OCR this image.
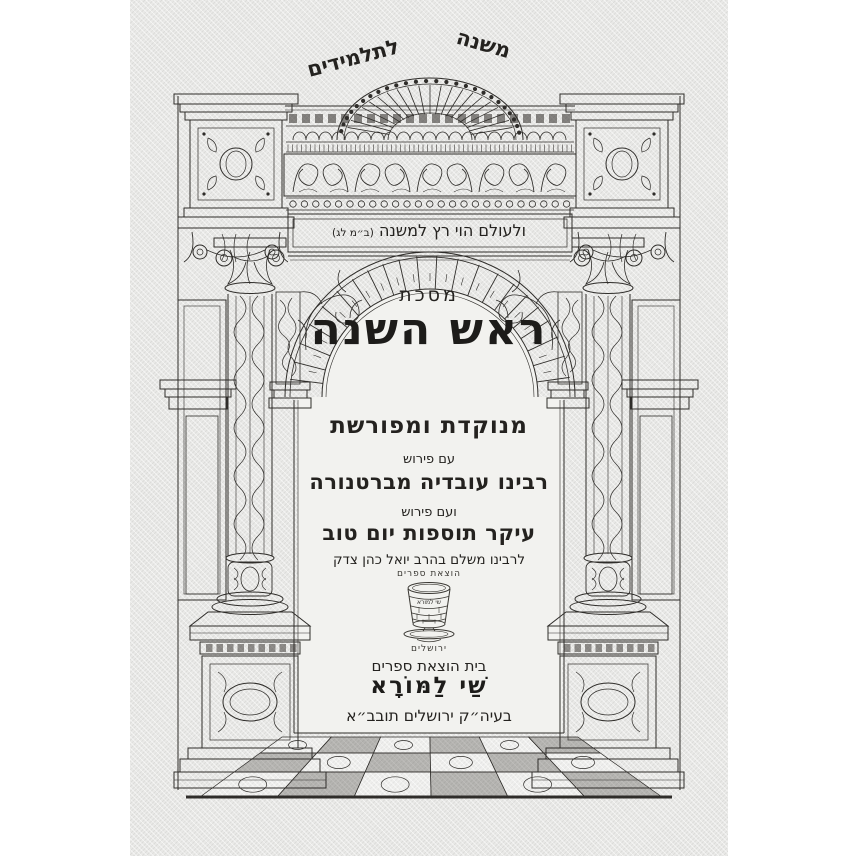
משנה
לתלמידים
ולעולם הוי רץ למשנה (ב״מ לג)
מסכת
ראש השנה
מנוקדת ומפורשת
עם פירוש
רבינו עובדיה מברטנורה
ועם פירוש
עיקר תוספות יום טוב
לרבינו משלם בהרב יואל כהן צדק
הוצאת ספרים
שי למורא
ירושלים
בית הוצאת ספרים
שַׁי לַמּוֹרָא
בעיה״ק ירושלים תובב״א
